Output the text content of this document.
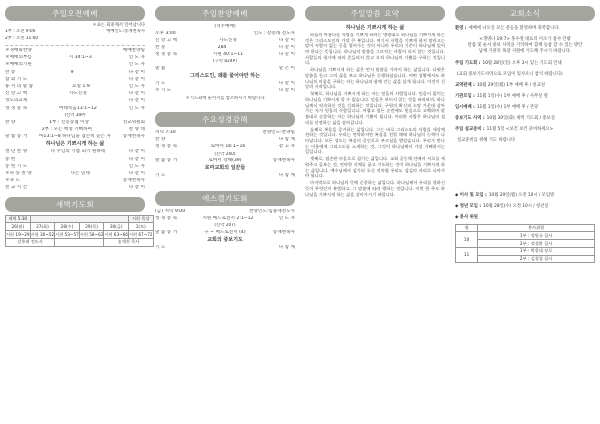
주일오전예배
＊표는 회중께서 일어납니다
1부 : 오전 9:00	예배인도:송재천목사
2부 : 오전 11:00
＊경배와찬양	예배찬양팀
＊예배의부름	시 34:1~3	인 도 자
＊예배의기원	인 도 자
찬 송	9	다 같 이
참 회 기 도	다 같 이
용 서 의 말 씀	요일 1:9	인 도 자
신 앙 고 백	사도신경	다 같 이
성도의교제	다 같 이
성 경 봉 독	마태복음13:1~12	인 도 자
(신약 30P)
찬 양	1부 : 신동농협 이상	선교위원회
2부 : 모든 백성 기뻐하며	찬 양 대
말 씀 증 거	마13:1~8 하나님을 겸손히 듣는 자	송재천목사
하나님은 기쁘시게 하는 삶
결 단 찬 양	나 주님의 기쁨 되기 원하네	다 같 이
봉 헌	다 같 이
봉 헌 기 도	인 도 자
＊파 송 찬 양	나는 믿네	다 같 이
＊축 도	송재천목사
친 교 시 간	다 같 이
새벽기도회
새벽 5:30					시편 묵상
26(월)	27(화)	28(수)	29(목)	30(금)	1(토)
시편 19~29	시편 30~52	시편 53~57	시편 58~62	시편 63~66	시편 67~72
강흥래 전도사				송재천 목사	
주일찬양예배
(격주예배)
오후 3:00	인도 : 강흥래 전도사
신 앙 고 백	사도신경	다 같 이
찬 송	284	다 같 이
성 경 봉 독	시편 40:1~11	다 같 이
(구약 824P)
말 씀	맡 은 이
그리스도인, 왜를 물어야만 하는
기 도	다 같 이
주 기 도	다 같 이
＊기도회에 순서지를 참조하시기 바랍니다
수요성경강해
저녁 7:30	찬양인도:찬양팀
찬 양	다 함 께
성 경 봉 독	로마서 16:1~16	같 고 자
(신약 260)
말 씀 증 거	로마서 강해(39)	송재천목사
로마교회의 일꾼들
기 도	다 함 께
에스겔기도회
(금) 저녁 9:00	찬양인도:임종재전도사
성 경 봉 독	시편 베드로전서 2:1~12	인 도 자
(신약 207)
말 씀 증 거	구 ~ 베드로전서 (4)	송재천목사
교회의 중보기도
기 도	다 함 께
주일말씀 요약
하나님은 기쁘시게 하는 삶
하늘의 아름다운 사람을 기쁘게 하라는 명령대로 하나님을 기쁘시게 하는 것은 그리스도인의 가장 큰 복입니다. 여기서 사람을 기쁘게 하지 말라고는 말이 사람이 없는 곳을 열어가는 것이 아니라 우리의 기준이 하나님께 있어야 한다는 뜻입니다. 하나님의 말씀을 그르치는 사람이 되지 않는 것입니다. 사람들의 평가에 따라 흔들리지 않고 오직 하나님의 기쁨을 구하는 것입니다.
하나님을 기쁘시게 하는 삶은 먼저 말씀을 가까이 하는 삶입니다. 다윗은 말씀을 듣고 그의 삶을 보고 하나님은 동행하셨습니다. 어떤 상황에서도 하나님의 마음을 구하는 자는 하나님과 함께 걷는 삶을 살게 됩니다. 이것이 신앙의 시작입니다.
첫째로, 하나님을 기쁘시게 하는 자는 믿음의 사람입니다. 믿음이 없이는 하나님을 기쁘시게 할 수 없습니다. 믿음은 보이지 않는 것을 바라보며, 하나님께서 약속하신 것을 신뢰하는 것입니다. 구원의 확신과 소망 가운데 살아가는 자가 믿음의 사람입니다. 어렵고 힘든 순간에도 믿음으로 고백하며 말씀대로 순종하는 자는 하나님의 기쁨이 됩니다. 이러한 사람은 하나님의 섭리를 인정하는 삶을 살아갑니다.
둘째로 복음을 증거하는 삶입니다. 그는 바로 그리스도의 사랑을 세상에 전하는 것입니다. 우리는 연약하지만 복음을 전할 때에 하나님의 능력이 나타납니다. 모든 성도는 복음의 증인으로 부르심을 받았습니다. 우리가 만나는 이웃에게 그리스도를 소개하는 것, 그것이 하나님께서 가장 기뻐하시는 일입니다.
셋째로, 겸손한 마음으로 섬기는 삶입니다. 교회 공동체 안에서 서로를 세워주고 돌보는 것, 연약한 지체를 품고 기도하는 것이 하나님을 기쁘시게 하는 삶입니다. 예수님께서 섬기러 오신 것처럼 우리도 섬김의 자리로 나아가야 합니다.
마지막으로 하나님의 뜻에 순종하는 삶입니다. 하나님께서 우리를 향하신 뜻이 무엇인지 분별하고, 그 말씀에 따라 행하는 것입니다. 이번 한 주도 하나님을 기쁘시게 하는 삶을 살아가시기 바랍니다.
교회소식
환영 : 예배에 나오신 모든 분들을 환영하며 축복합니다.
<생명나 19:7> 홍수철 대표의 미소가 참사 안팎
말씀 및 순서 중보 사역을 기억하여 함께 동참 할 수 있는 방안
남캐 기관의 목장 지원에 기도해 주시기 바랍니다.
주일 기도회 : 10월 28일(일) 오후 3시 있는 기도회 안내
(교회 중보기도사역으로 모임이 있사오니 참석 바랍니다)
교역판제 : 10월 29일(월) 1부 예배 후 / 친교실
기관모임 : 11월 1일(수) 1부 예배 후 / 사무실 옆
임시예배 : 11월 1일(수) 1부 예배 후 / 본당
중보기도 사역 : 10월 30일(화) 새벽 기도회 / 중보실
주일 설교준비 : 11월 5일 <보건 보건 준비하세요>
설교준비를 위해 기도 바랍니다
◆ 이사 및 모임 : 10월 29일(월) 오전 10시 / 모임방
◆ 청년 모임 : 10월 28일(수) 오전 10시 / 청년실
◆ 봉사 위원
월	봉사위원
10	1부 : 정원규 집사
	2부 : 정경환 집사
11	1부 : 박종대 장로
	2부 : 김경철 집사
